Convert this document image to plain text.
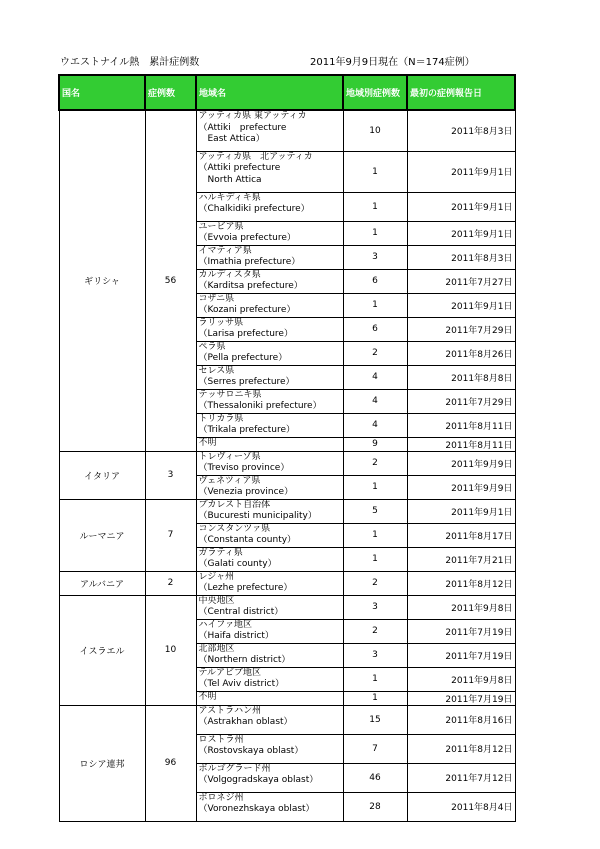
ウエストナイル熱　累計症例数	2011年9月9日現在（N＝174症例）
国名	症例数	地域名	地域別症例数	最初の症例報告日
ギリシャ	56	アッティカ県 東アッティカ
（Attiki　prefecture
　East Attica）	10	2011年8月3日

		アッティカ県　北アッティカ
（Attiki prefecture
　North Attica	1	2011年9月1日

		ハルキディキ県
（Chalkidiki prefecture）	1	2011年9月1日

		ユービア県
（Evvoia prefecture）	1	2011年9月1日

		イマティア県
（Imathia prefecture）	3	2011年8月3日

		カルディスタ県
（Karditsa prefecture）	6	2011年7月27日

		コザニ県
（Kozani prefecture）	1	2011年9月1日

		ラリッサ県
（Larisa prefecture）	6	2011年7月29日

		ペラ県
（Pella prefecture）	2	2011年8月26日

		セレス県
（Serres prefecture）	4	2011年8月8日

		テッサロニキ県
（Thessaloniki prefecture）	4	2011年7月29日

		トリカラ県
（Trikala prefecture）	4	2011年8月11日

		不明	9	2011年8月11日
イタリア	3	トレヴィーゾ県
（Treviso province）	2	2011年9月9日

		ヴェネツィア県
（Venezia province）	1	2011年9月9日
ルーマニア	7	ブカレスト自治体
（Bucuresti municipality）	5	2011年9月1日

		コンスタンツァ県
（Constanta county）	1	2011年8月17日

		ガラティ県
（Galati county）	1	2011年7月21日
アルバニア	2	レジャ州
（Lezhe prefecture）	2	2011年8月12日
イスラエル	10	中央地区
（Central district）	3	2011年9月8日

		ハイファ地区
（Haifa district）	2	2011年7月19日

		北部地区
（Northern district）	3	2011年7月19日

		テルアビブ地区
（Tel Aviv district）	1	2011年9月8日

		不明	1	2011年7月19日
ロシア連邦	96	アストラハン州
（Astrakhan oblast）	15	2011年8月16日

		ロストラ州
（Rostovskaya oblast）	7	2011年8月12日

		ボルゴグラード州
（Volgogradskaya oblast）	46	2011年7月12日

		ボロネジ州
（Voronezhskaya oblast）	28	2011年8月4日
